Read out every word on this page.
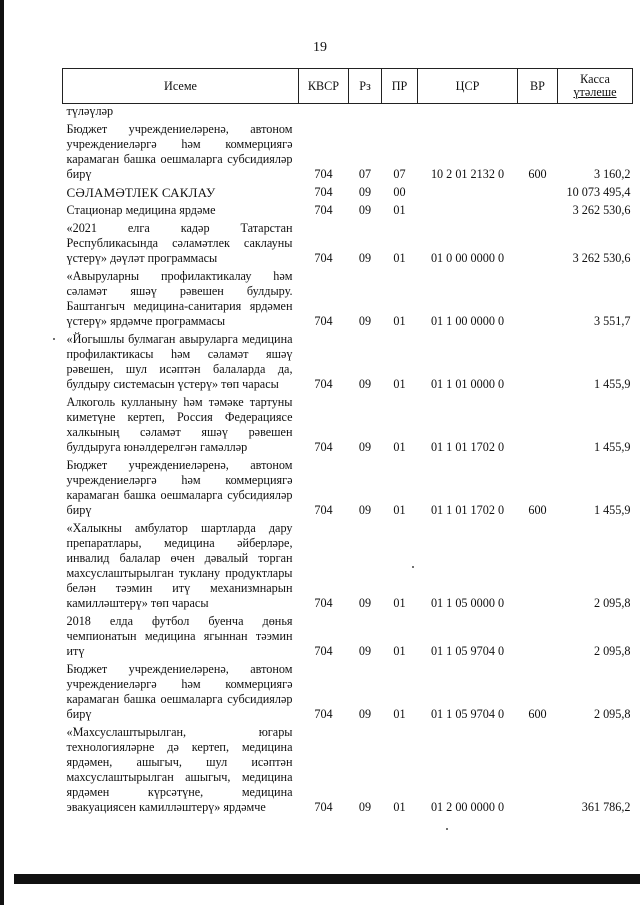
19
Исеме	КВСР	Рз	ПР	ЦСР	ВР	Касса
үтәлеше

түләүләр						
Бюджет учреждениеләренә, автоном учреждениеләргә һәм коммерциягә карамаган башка оешмаларга субсидияләр бирү	704	07	07	10 2 01 2132 0	600	3 160,2
СӘЛАМӘТЛЕК САКЛАУ	704	09	00			10 073 495,4
Стационар медицина ярдәме	704	09	01			3 262 530,6
«2021 елга кадәр Татарстан Республикасында сәламәтлек саклауны үстерү» дәүләт программасы	704	09	01	01 0 00 0000 0		3 262 530,6
«Авыруларны профилактикалау һәм сәламәт яшәү рәвешен булдыру. Баштангыч медицина-санитария ярдәмен үстерү» ярдәмче программасы	704	09	01	01 1 00 0000 0		3 551,7
«Йогышлы булмаган авыруларга медицина профилактикасы һәм сәламәт яшәү рәвешен, шул исәптән балаларда да, булдыру системасын үстерү» төп чарасы	704	09	01	01 1 01 0000 0		1 455,9
Алкоголь кулланыну һәм тәмәке тартуны киметүне кертеп, Россия Федерациясе халкының сәламәт яшәү рәвешен булдыруга юнәлдерелгән гамәлләр	704	09	01	01 1 01 1702 0		1 455,9
Бюджет учреждениеләренә, автоном учреждениеләргә һәм коммерциягә карамаган башка оешмаларга субсидияләр бирү	704	09	01	01 1 01 1702 0	600	1 455,9
«Халыкны амбулатор шартларда дару препаратлары, медицина әйберләре, инвалид балалар өчен дәвалый торган махсуслаштырылган туклану продуктлары белән тәэмин итү механизмнарын камилләштерү» төп чарасы	704	09	01	01 1 05 0000 0		2 095,8
2018 елда футбол буенча дөнья чемпионатын медицина ягыннан тәэмин итү	704	09	01	01 1 05 9704 0		2 095,8
Бюджет учреждениеләренә, автоном учреждениеләргә һәм коммерциягә карамаган башка оешмаларга субсидияләр бирү	704	09	01	01 1 05 9704 0	600	2 095,8
«Махсуслаштырылган, югары технологияләрне дә кертеп, медицина ярдәмен, ашыгыч, шул исәптән махсуслаштырылган ашыгыч, медицина ярдәмен күрсәтүне, медицина эвакуациясен камилләштерү» ярдәмче	704	09	01	01 2 00 0000 0		361 786,2
